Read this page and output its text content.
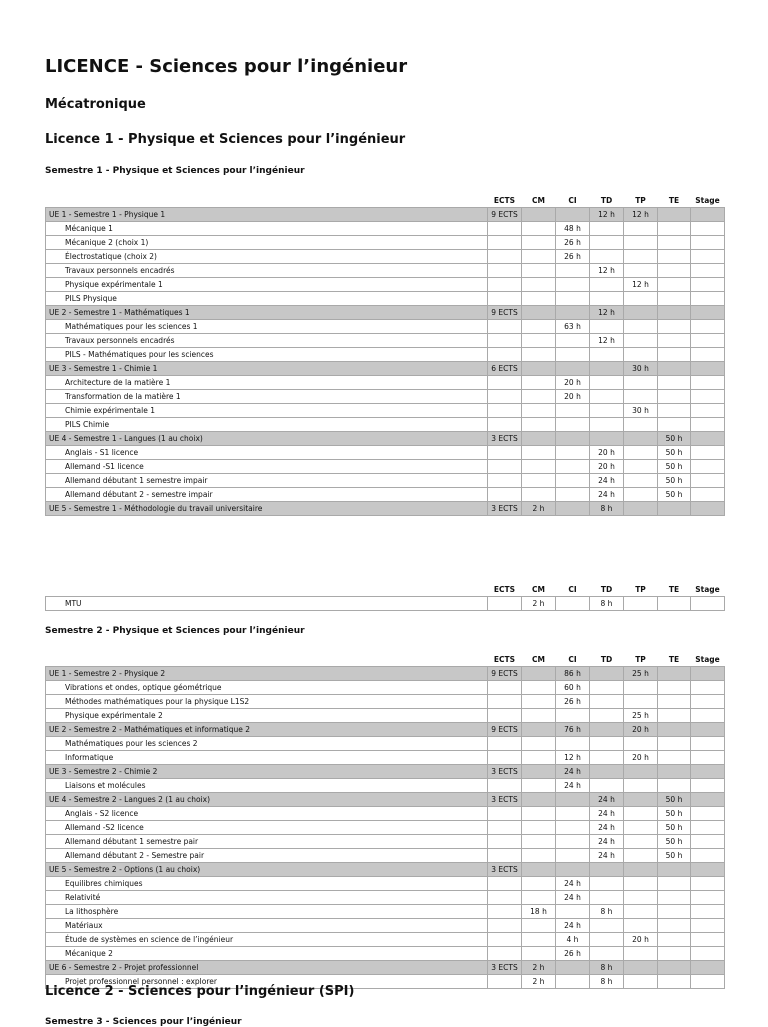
LICENCE - Sciences pour l’ingénieur
Mécatronique
Licence 1 - Physique et Sciences pour l’ingénieur
Semestre 1 - Physique et Sciences pour l’ingénieur
	ECTS	CM	CI	TD	TP	TE	Stage
UE 1 - Semestre 1 - Physique 1	9 ECTS			12 h	12 h		
Mécanique 1			48 h				
Mécanique 2 (choix 1)			26 h				
Électrostatique (choix 2)			26 h				
Travaux personnels encadrés				12 h			
Physique expérimentale 1					12 h		
PILS Physique							
UE 2 - Semestre 1 - Mathématiques 1	9 ECTS			12 h			
Mathématiques pour les sciences 1			63 h				
Travaux personnels encadrés				12 h			
PILS - Mathématiques pour les sciences							
UE 3 - Semestre 1 - Chimie 1	6 ECTS				30 h		
Architecture de la matière 1			20 h				
Transformation de la matière 1			20 h				
Chimie expérimentale 1					30 h		
PILS Chimie							
UE 4 - Semestre 1 - Langues (1 au choix)	3 ECTS					50 h	
Anglais - S1 licence				20 h		50 h	
Allemand -S1 licence				20 h		50 h	
Allemand débutant 1 semestre impair				24 h		50 h	
Allemand débutant 2 - semestre impair				24 h		50 h	
UE 5 - Semestre 1 - Méthodologie du travail universitaire	3 ECTS	2 h		8 h			
	ECTS	CM	CI	TD	TP	TE	Stage
MTU		2 h		8 h			
Semestre 2 - Physique et Sciences pour l’ingénieur
	ECTS	CM	CI	TD	TP	TE	Stage
UE 1 - Semestre 2 - Physique 2	9 ECTS		86 h		25 h		
Vibrations et ondes, optique géométrique			60 h				
Méthodes mathématiques pour la physique L1S2			26 h				
Physique expérimentale 2					25 h		
UE 2 - Semestre 2 - Mathématiques et informatique 2	9 ECTS		76 h		20 h		
Mathématiques pour les sciences 2							
Informatique			12 h		20 h		
UE 3 - Semestre 2 - Chimie 2	3 ECTS		24 h				
Liaisons et molécules			24 h				
UE 4 - Semestre 2 - Langues 2 (1 au choix)	3 ECTS			24 h		50 h	
Anglais - S2 licence				24 h		50 h	
Allemand -S2 licence				24 h		50 h	
Allemand débutant 1 semestre pair				24 h		50 h	
Allemand débutant 2 - Semestre pair				24 h		50 h	
UE 5 - Semestre 2 - Options (1 au choix)	3 ECTS						
Equilibres chimiques			24 h				
Relativité			24 h				
La lithosphère		18 h		8 h			
Matériaux			24 h				
Étude de systèmes en science de l’ingénieur			4 h		20 h		
Mécanique 2			26 h				
UE 6 - Semestre 2 - Projet professionnel	3 ECTS	2 h		8 h			
Projet professionnel personnel : explorer		2 h		8 h			
Licence 2 - Sciences pour l’ingénieur (SPI)
Semestre 3 - Sciences pour l’ingénieur
